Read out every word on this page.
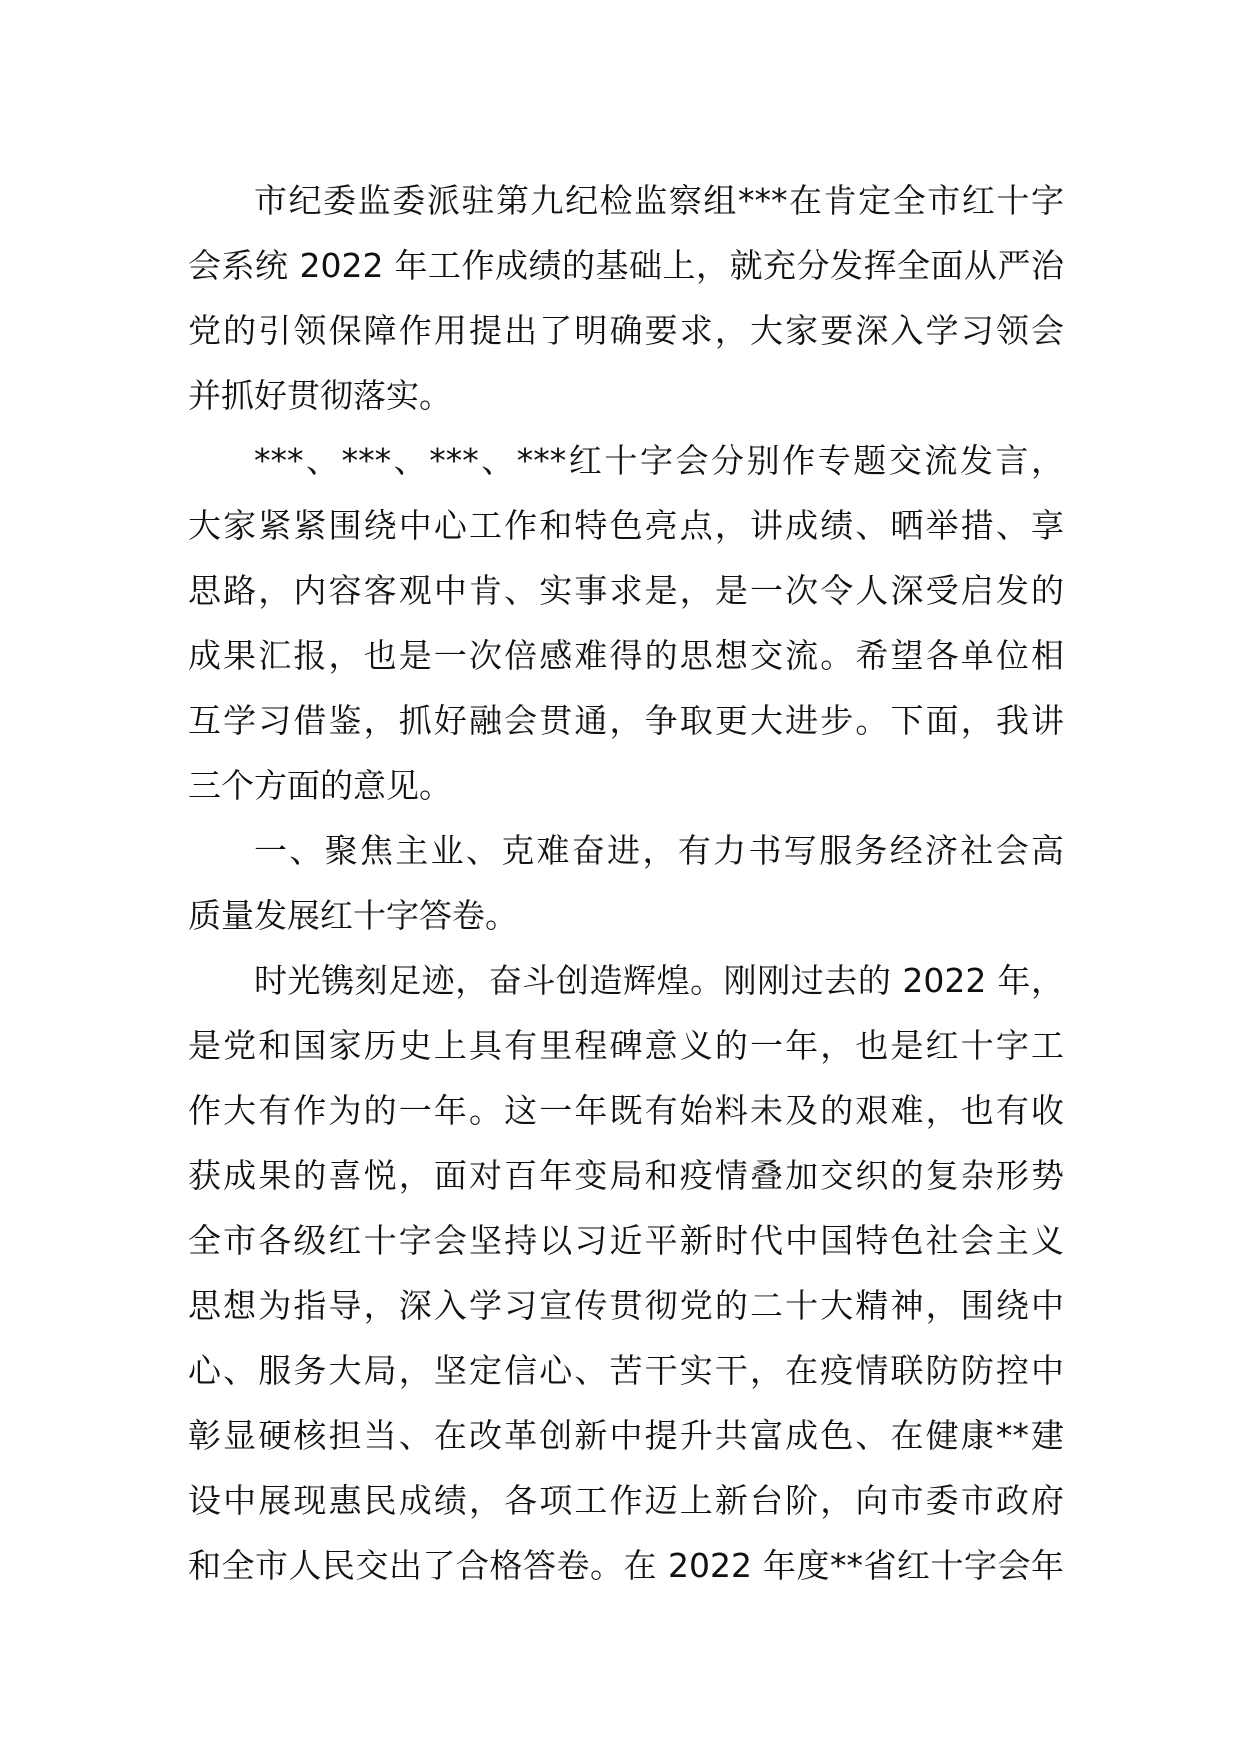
市纪委监委派驻第九纪检监察组***在肯定全市红十字
会系统 2022 年工作成绩的基础上，就充分发挥全面从严治
党的引领保障作用提出了明确要求，大家要深入学习领会
并抓好贯彻落实。
***、***、***、***红十字会分别作专题交流发言，
大家紧紧围绕中心工作和特色亮点，讲成绩、晒举措、享
思路，内容客观中肯、实事求是，是一次令人深受启发的
成果汇报，也是一次倍感难得的思想交流。希望各单位相
互学习借鉴，抓好融会贯通，争取更大进步。下面，我讲
三个方面的意见。
一、聚焦主业、克难奋进，有力书写服务经济社会高
质量发展红十字答卷。
时光镌刻足迹，奋斗创造辉煌。刚刚过去的 2022 年，
是党和国家历史上具有里程碑意义的一年，也是红十字工
作大有作为的一年。这一年既有始料未及的艰难，也有收
获成果的喜悦，面对百年变局和疫情叠加交织的复杂形势
全市各级红十字会坚持以习近平新时代中国特色社会主义
思想为指导，深入学习宣传贯彻党的二十大精神，围绕中
心、服务大局，坚定信心、苦干实干，在疫情联防防控中
彰显硬核担当、在改革创新中提升共富成色、在健康**建
设中展现惠民成绩，各项工作迈上新台阶，向市委市政府
和全市人民交出了合格答卷。在 2022 年度**省红十字会年
